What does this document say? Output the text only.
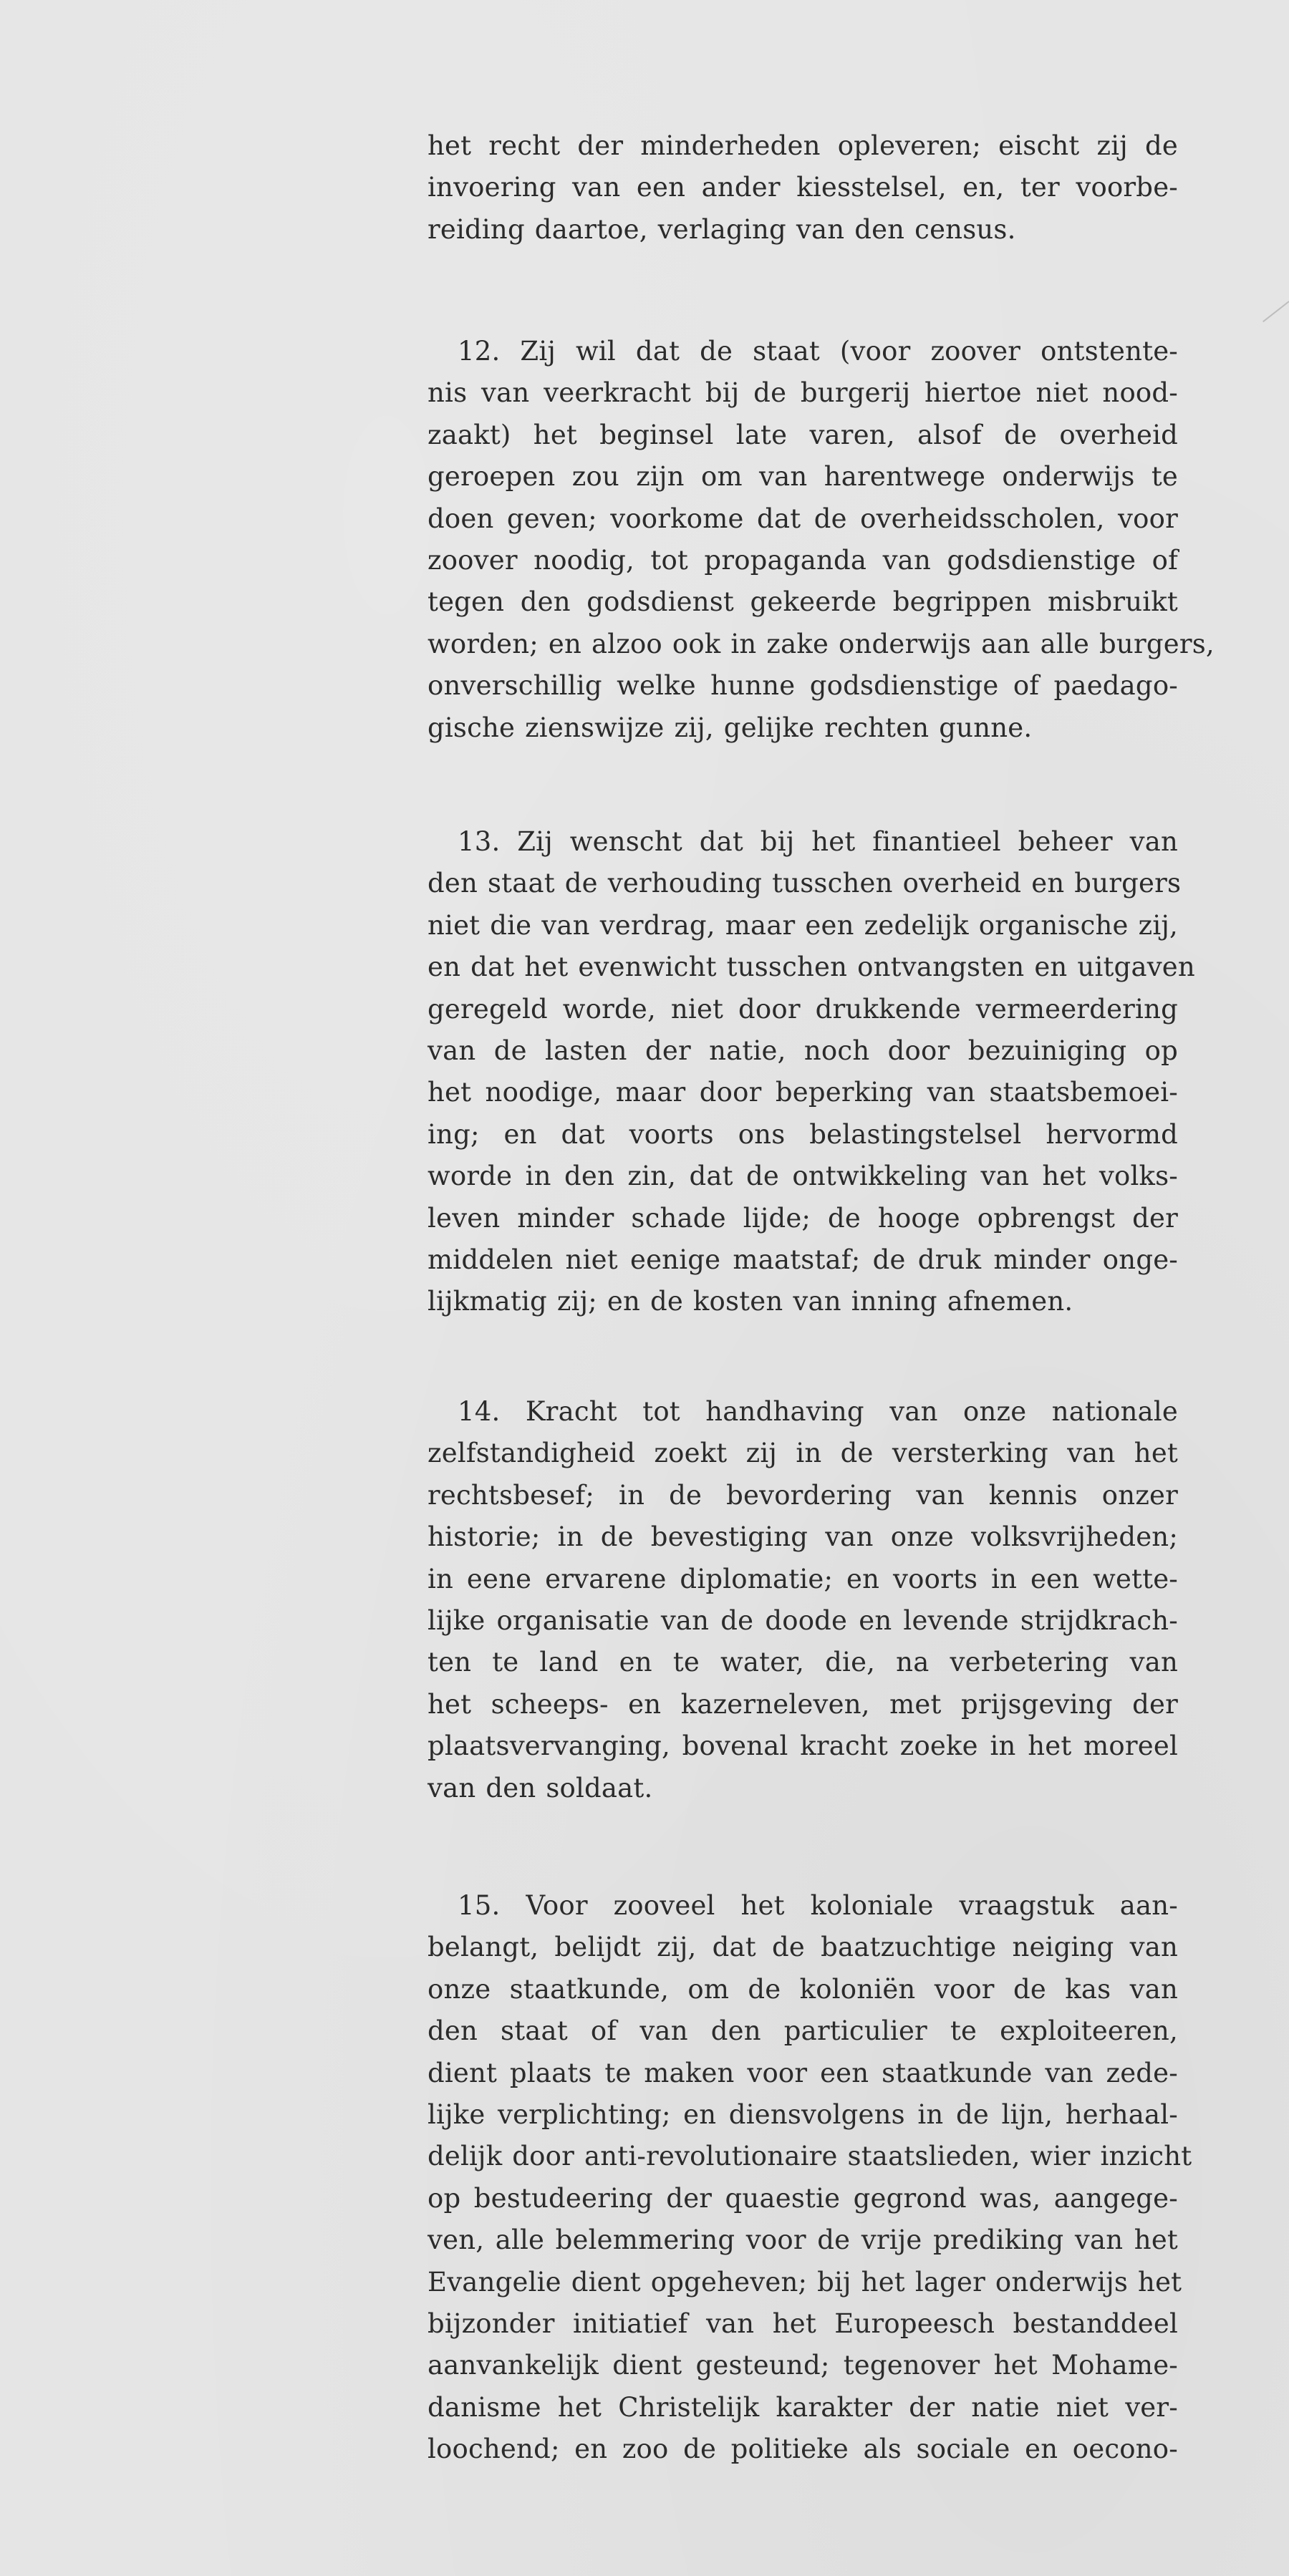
het recht der minderheden opleveren; eischt zij de
invoering van een ander kiesstelsel, en, ter voorbe-
reiding daartoe, verlaging van den census.
12. Zij wil dat de staat (voor zoover ontstente-
nis van veerkracht bij de burgerij hiertoe niet nood-
zaakt) het beginsel late varen, alsof de overheid
geroepen zou zijn om van harentwege onderwijs te
doen geven; voorkome dat de overheidsscholen, voor
zoover noodig, tot propaganda van godsdienstige of
tegen den godsdienst gekeerde begrippen misbruikt
worden; en alzoo ook in zake onderwijs aan alle burgers,
onverschillig welke hunne godsdienstige of paedago-
gische zienswijze zij, gelijke rechten gunne.
13. Zij wenscht dat bij het finantieel beheer van
den staat de verhouding tusschen overheid en burgers
niet die van verdrag, maar een zedelijk organische zij,
en dat het evenwicht tusschen ontvangsten en uitgaven
geregeld worde, niet door drukkende vermeerdering
van de lasten der natie, noch door bezuiniging op
het noodige, maar door beperking van staatsbemoei-
ing; en dat voorts ons belastingstelsel hervormd
worde in den zin, dat de ontwikkeling van het volks-
leven minder schade lijde; de hooge opbrengst der
middelen niet eenige maatstaf; de druk minder onge-
lijkmatig zij; en de kosten van inning afnemen.
14. Kracht tot handhaving van onze nationale
zelfstandigheid zoekt zij in de versterking van het
rechtsbesef; in de bevordering van kennis onzer
historie; in de bevestiging van onze volksvrijheden;
in eene ervarene diplomatie; en voorts in een wette-
lijke organisatie van de doode en levende strijdkrach-
ten te land en te water, die, na verbetering van
het scheeps- en kazerneleven, met prijsgeving der
plaatsvervanging, bovenal kracht zoeke in het moreel
van den soldaat.
15. Voor zooveel het koloniale vraagstuk aan-
belangt, belijdt zij, dat de baatzuchtige neiging van
onze staatkunde, om de koloniën voor de kas van
den staat of van den particulier te exploiteeren,
dient plaats te maken voor een staatkunde van zede-
lijke verplichting; en diensvolgens in de lijn, herhaal-
delijk door anti-revolutionaire staatslieden, wier inzicht
op bestudeering der quaestie gegrond was, aangege-
ven, alle belemmering voor de vrije prediking van het
Evangelie dient opgeheven; bij het lager onderwijs het
bijzonder initiatief van het Europeesch bestanddeel
aanvankelijk dient gesteund; tegenover het Mohame-
danisme het Christelijk karakter der natie niet ver-
loochend; en zoo de politieke als sociale en oecono-
